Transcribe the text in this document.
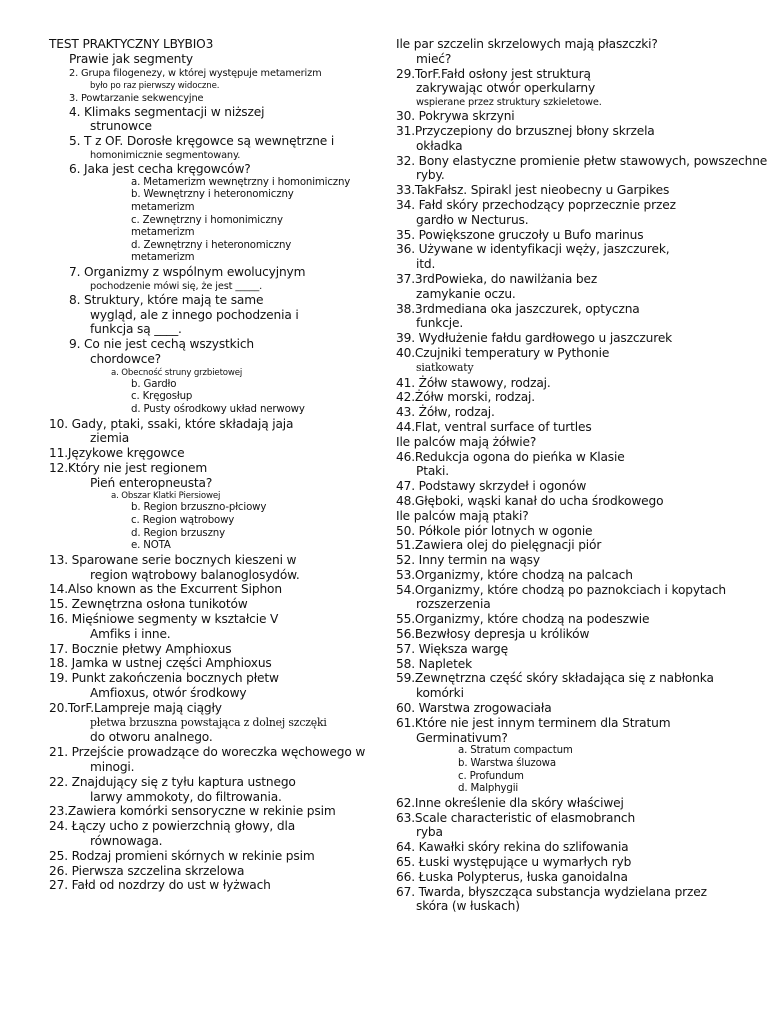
TEST PRAKTYCZNY LBYBIO3
Prawie jak segmenty
2. Grupa filogenezy, w której występuje metamerizm
było po raz pierwszy widoczne.
3. Powtarzanie sekwencyjne
4. Klimaks segmentacji w niższej
strunowce
5. T z OF. Dorosłe kręgowce są wewnętrzne i
homonimicznie segmentowany.
6. Jaka jest cecha kręgowców?
a. Metamerizm wewnętrzny i homonimiczny
b. Wewnętrzny i heteronomiczny
metamerizm
c. Zewnętrzny i homonimiczny
metamerizm
d. Zewnętrzny i heteronomiczny
metamerizm
7. Organizmy z wspólnym ewolucyjnym
pochodzenie mówi się, że jest _____.
8. Struktury, które mają te same
wygląd, ale z innego pochodzenia i
funkcja są ____.
9. Co nie jest cechą wszystkich
chordowce?
a. Obecność struny grzbietowej
b. Gardło
c. Kręgosłup
d. Pusty ośrodkowy układ nerwowy
10. Gady, ptaki, ssaki, które składają jaja
ziemia
11.Językowe kręgowce
12.Który nie jest regionem
Pień enteropneusta?
a. Obszar Klatki Piersiowej
b. Region brzuszno-płciowy
c. Region wątrobowy
d. Region brzuszny
e. NOTA
13. Sparowane serie bocznych kieszeni w
region wątrobowy balanoglosydów.
14.Also known as the Excurrent Siphon
15. Zewnętrzna osłona tunikotów
16. Mięśniowe segmenty w kształcie V
Amfiks i inne.
17. Bocznie płetwy Amphioxus
18. Jamka w ustnej części Amphioxus
19. Punkt zakończenia bocznych płetw
Amfioxus, otwór środkowy
20.TorF.Lampreje mają ciągły
płetwa brzuszna powstająca z dolnej szczęki
do otworu analnego.
21. Przejście prowadzące do woreczka węchowego w
minogi.
22. Znajdujący się z tyłu kaptura ustnego
larwy ammokoty, do filtrowania.
23.Zawiera komórki sensoryczne w rekinie psim
24. Łączy ucho z powierzchnią głowy, dla
równowaga.
25. Rodzaj promieni skórnych w rekinie psim
26. Pierwsza szczelina skrzelowa
27. Fałd od nozdrzy do ust w łyżwach
Ile par szczelin skrzelowych mają płaszczki?
mieć?
29.TorF.Fałd osłony jest strukturą
zakrywając otwór operkularny
wspierane przez struktury szkieletowe.
30. Pokrywa skrzyni
31.Przyczepiony do brzusznej błony skrzela
okładka
32. Bony elastyczne promienie płetw stawowych, powszechne
ryby.
33.TakFałsz. Spirakl jest nieobecny u Garpikes
34. Fałd skóry przechodzący poprzecznie przez
gardło w Necturus.
35. Powiększone gruczoły u Bufo marinus
36. Używane w identyfikacji węży, jaszczurek,
itd.
37.3rdPowieka, do nawilżania bez
zamykanie oczu.
38.3rdmediana oka jaszczurek, optyczna
funkcje.
39. Wydłużenie fałdu gardłowego u jaszczurek
40.Czujniki temperatury w Pythonie
siatkowaty
41. Żółw stawowy, rodzaj.
42.Żółw morski, rodzaj.
43. Żółw, rodzaj.
44.Flat, ventral surface of turtles
Ile palców mają żółwie?
46.Redukcja ogona do pieńka w Klasie
Ptaki.
47. Podstawy skrzydeł i ogonów
48.Głęboki, wąski kanał do ucha środkowego
Ile palców mają ptaki?
50. Półkole piór lotnych w ogonie
51.Zawiera olej do pielęgnacji piór
52. Inny termin na wąsy
53.Organizmy, które chodzą na palcach
54.Organizmy, które chodzą po paznokciach i kopytach
rozszerzenia
55.Organizmy, które chodzą na podeszwie
56.Bezwłosy depresja u królików
57. Większa wargę
58. Napletek
59.Zewnętrzna część skóry składająca się z nabłonka
komórki
60. Warstwa zrogowaciała
61.Które nie jest innym terminem dla Stratum
Germinativum?
a. Stratum compactum
b. Warstwa śluzowa
c. Profundum
d. Malphygii
62.Inne określenie dla skóry właściwej
63.Scale characteristic of elasmobranch
ryba
64. Kawałki skóry rekina do szlifowania
65. Łuski występujące u wymarłych ryb
66. Łuska Polypterus, łuska ganoidalna
67. Twarda, błyszcząca substancja wydzielana przez
skóra (w łuskach)
